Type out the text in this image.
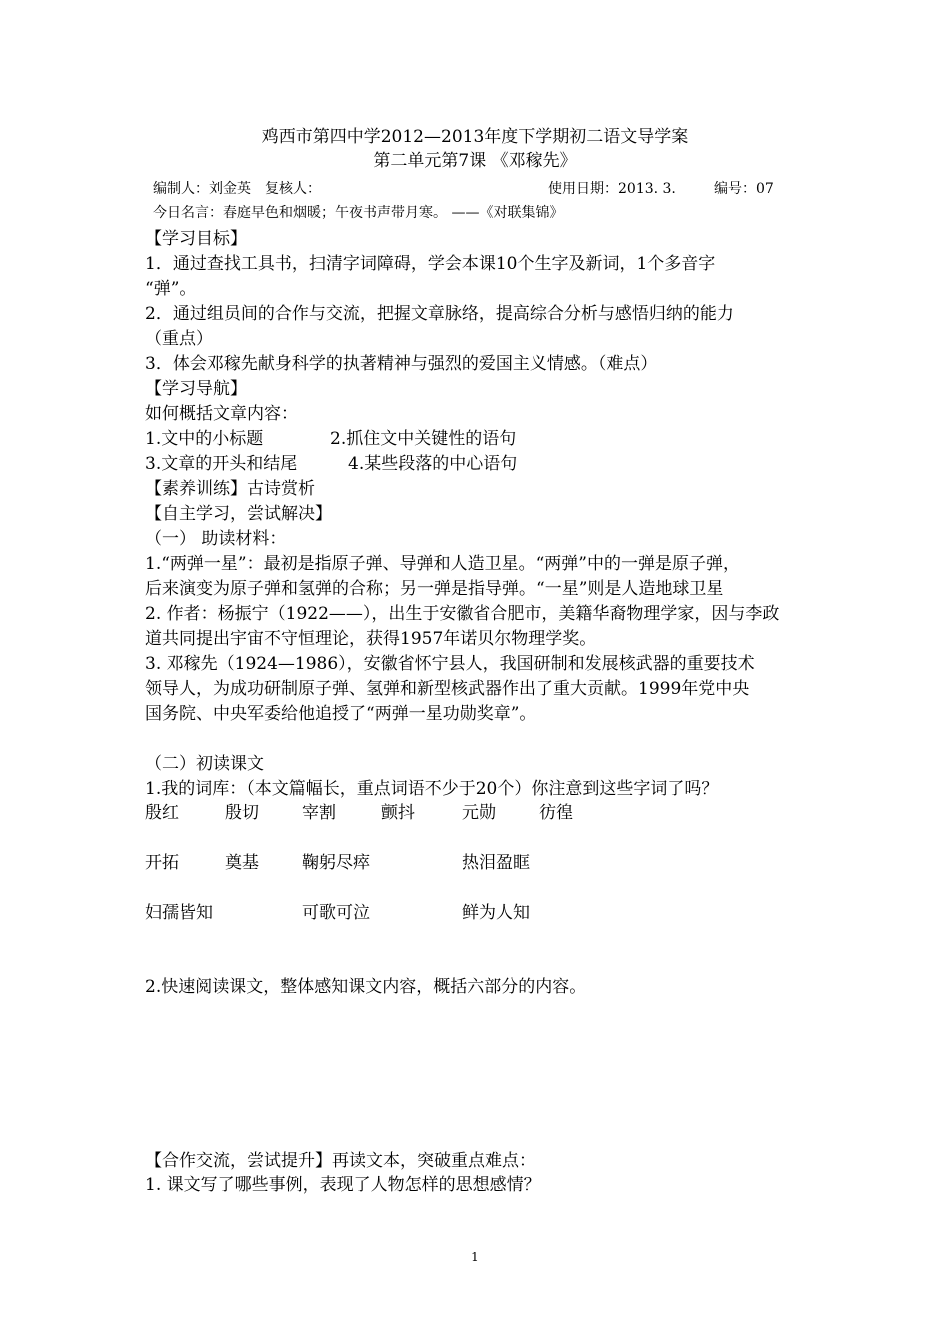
鸡西市第四中学2012—2013年度下学期初二语文导学案
第二单元第7课 《邓稼先》
编制人：刘金英　复核人：	使用日期：2013. 3.	编号：07
今日名言：春庭早色和烟暖；午夜书声带月寒。 ——《对联集锦》
【学习目标】
1．通过查找工具书，扫清字词障碍，学会本课10个生字及新词，1个多音字
“弹”。
2．通过组员间的合作与交流，把握文章脉络，提高综合分析与感悟归纳的能力
（重点）
3．体会邓稼先献身科学的执著精神与强烈的爱国主义情感。（难点）
【学习导航】
如何概括文章内容：
1.文中的小标题	2.抓住文中关键性的语句
3.文章的开头和结尾	4.某些段落的中心语句
【素养训练】古诗赏析
【自主学习，尝试解决】
（一） 助读材料：
1.“两弹一星”：最初是指原子弹、导弹和人造卫星。“两弹”中的一弹是原子弹，
后来演变为原子弹和氢弹的合称；另一弹是指导弹。“一星”则是人造地球卫星
2. 作者：杨振宁（1922——），出生于安徽省合肥市，美籍华裔物理学家，因与李政
道共同提出宇宙不守恒理论，获得1957年诺贝尔物理学奖。
3. 邓稼先（1924—1986），安徽省怀宁县人，我国研制和发展核武器的重要技术
领导人，为成功研制原子弹、氢弹和新型核武器作出了重大贡献。1999年党中央
国务院、中央军委给他追授了“两弹一星功勋奖章”。
（二）初读课文
1.我的词库：（本文篇幅长，重点词语不少于20个）你注意到这些字词了吗？
殷红	殷切	宰割	颤抖	元勋	彷徨
开拓	奠基	鞠躬尽瘁	热泪盈眶
妇孺皆知	可歌可泣	鲜为人知
2.快速阅读课文，整体感知课文内容，概括六部分的内容。
【合作交流，尝试提升】再读文本，突破重点难点：
1. 课文写了哪些事例，表现了人物怎样的思想感情？
1
